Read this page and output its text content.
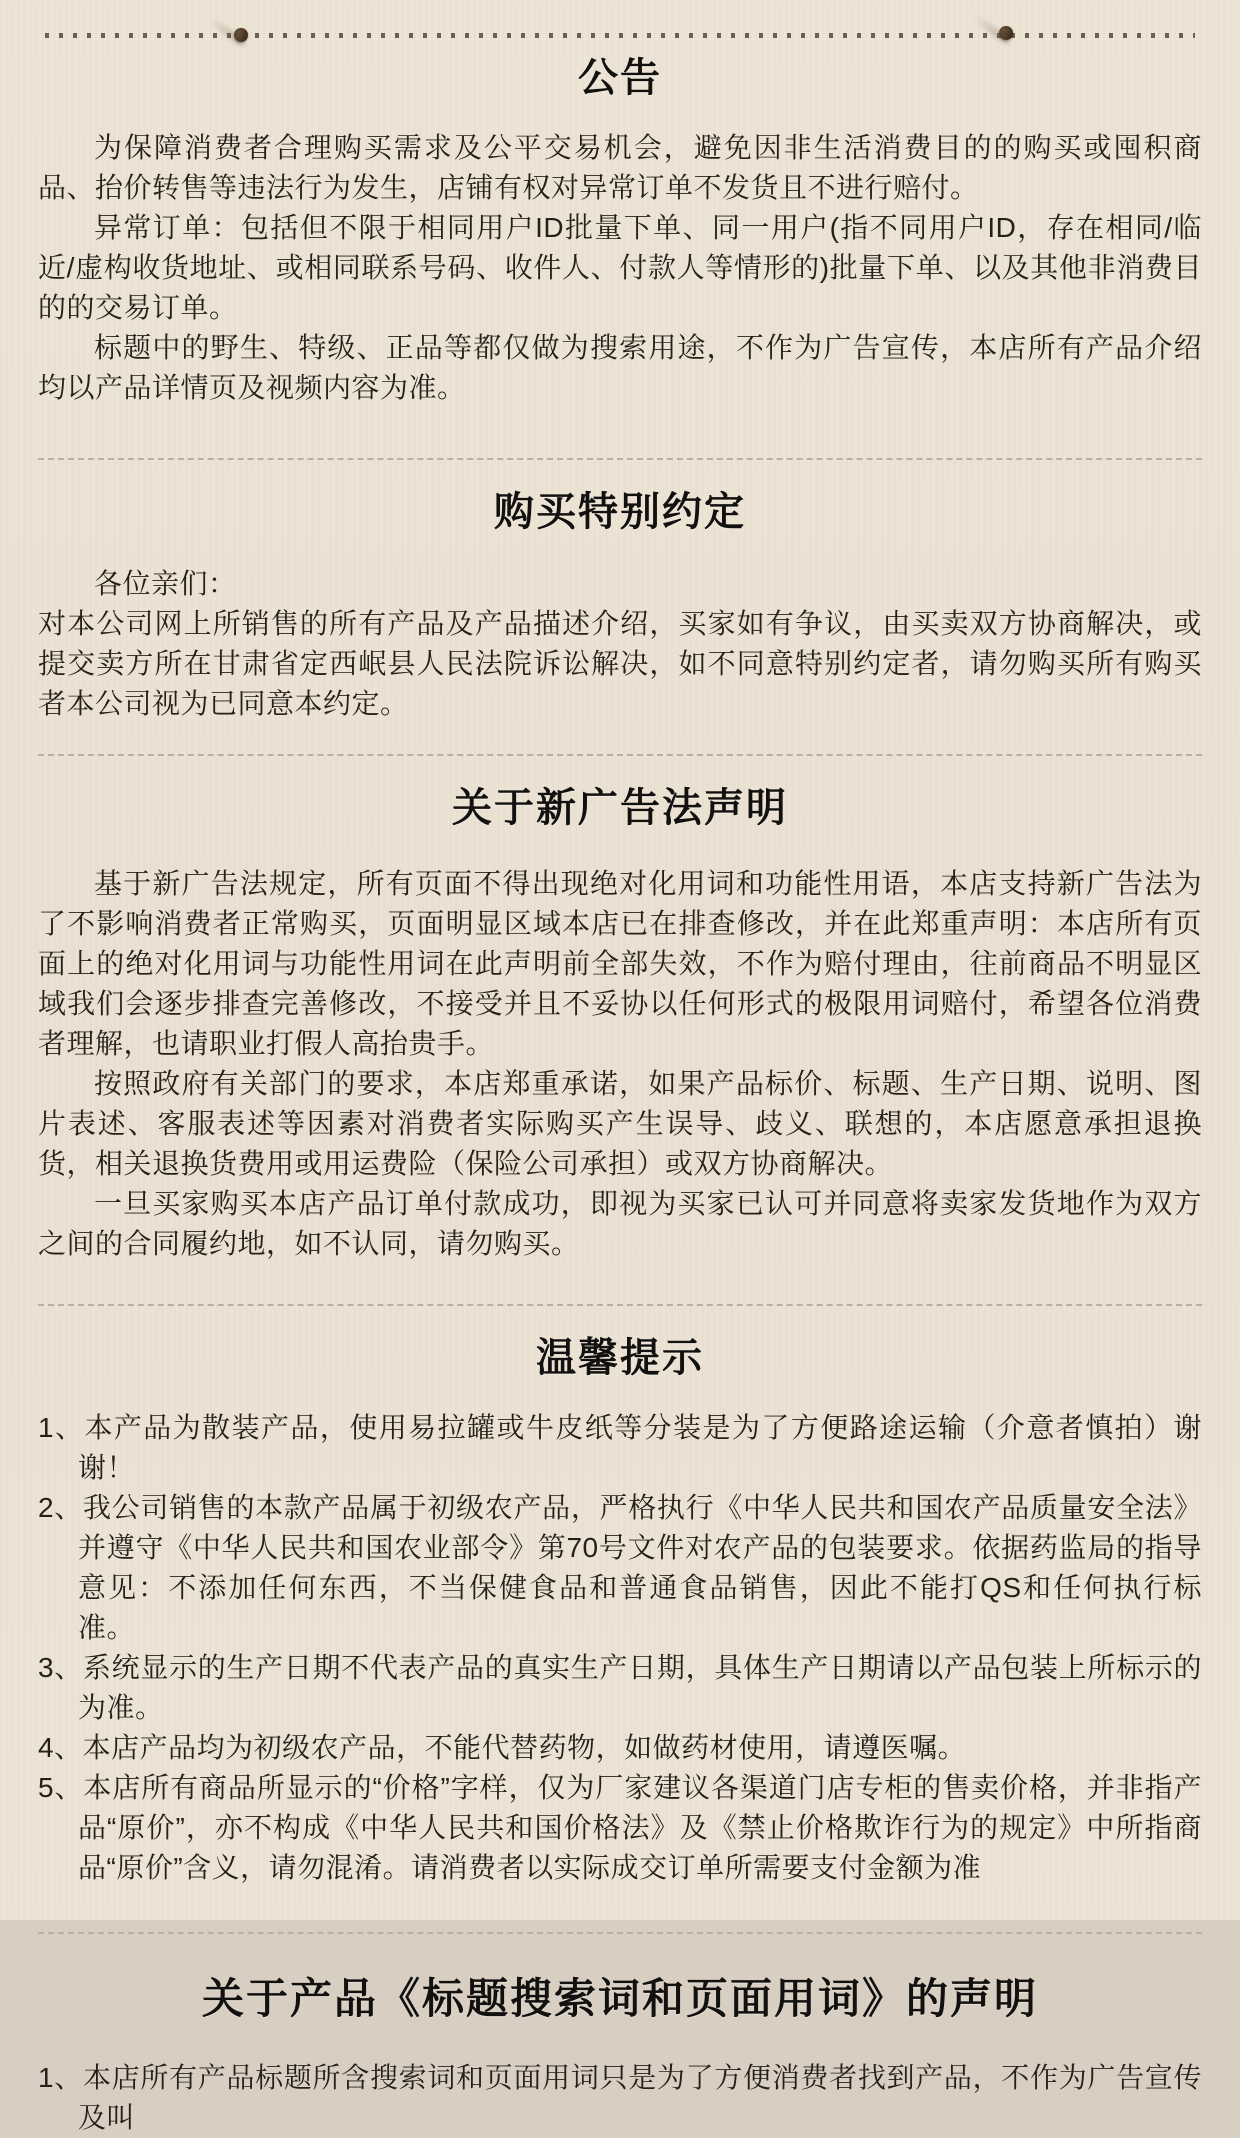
公告

为保障消费者合理购买需求及公平交易机会，避免因非生活消费目的的购买或囤积商品、抬价转售等违法行为发生，店铺有权对异常订单不发货且不进行赔付。

异常订单：包括但不限于相同用户ID批量下单、同一用户(指不同用户ID，存在相同/临近/虚构收货地址、或相同联系号码、收件人、付款人等情形的)批量下单、以及其他非消费目的的交易订单。

标题中的野生、特级、正品等都仅做为搜索用途，不作为广告宣传，本店所有产品介绍均以产品详情页及视频内容为准。

购买特别约定

各位亲们：

对本公司网上所销售的所有产品及产品描述介绍，买家如有争议，由买卖双方协商解决，或提交卖方所在甘肃省定西岷县人民法院诉讼解决，如不同意特别约定者，请勿购买所有购买者本公司视为已同意本约定。

关于新广告法声明

基于新广告法规定，所有页面不得出现绝对化用词和功能性用语，本店支持新广告法为了不影响消费者正常购买，页面明显区域本店已在排查修改，并在此郑重声明：本店所有页面上的绝对化用词与功能性用词在此声明前全部失效，不作为赔付理由，往前商品不明显区域我们会逐步排查完善修改，不接受并且不妥协以任何形式的极限用词赔付，希望各位消费者理解，也请职业打假人高抬贵手。

按照政府有关部门的要求，本店郑重承诺，如果产品标价、标题、生产日期、说明、图片表述、客服表述等因素对消费者实际购买产生误导、歧义、联想的，本店愿意承担退换货，相关退换货费用或用运费险（保险公司承担）或双方协商解决。

一旦买家购买本店产品订单付款成功，即视为买家已认可并同意将卖家发货地作为双方之间的合同履约地，如不认同，请勿购买。

温馨提示

1、本产品为散装产品，使用易拉罐或牛皮纸等分装是为了方便路途运输（介意者慎拍）谢谢！

2、我公司销售的本款产品属于初级农产品，严格执行《中华人民共和国农产品质量安全法》并遵守《中华人民共和国农业部令》第70号文件对农产品的包装要求。依据药监局的指导意见：不添加任何东西，不当保健食品和普通食品销售，因此不能打QS和任何执行标准。

3、系统显示的生产日期不代表产品的真实生产日期，具体生产日期请以产品包装上所标示的为准。

4、本店产品均为初级农产品，不能代替药物，如做药材使用，请遵医嘱。

5、本店所有商品所显示的“价格”字样，仅为厂家建议各渠道门店专柜的售卖价格，并非指产品“原价”，亦不构成《中华人民共和国价格法》及《禁止价格欺诈行为的规定》中所指商品“原价”含义，请勿混淆。请消费者以实际成交订单所需要支付金额为准

关于产品《标题搜索词和页面用词》的声明

1、本店所有产品标题所含搜索词和页面用词只是为了方便消费者找到产品，不作为广告宣传及叫
